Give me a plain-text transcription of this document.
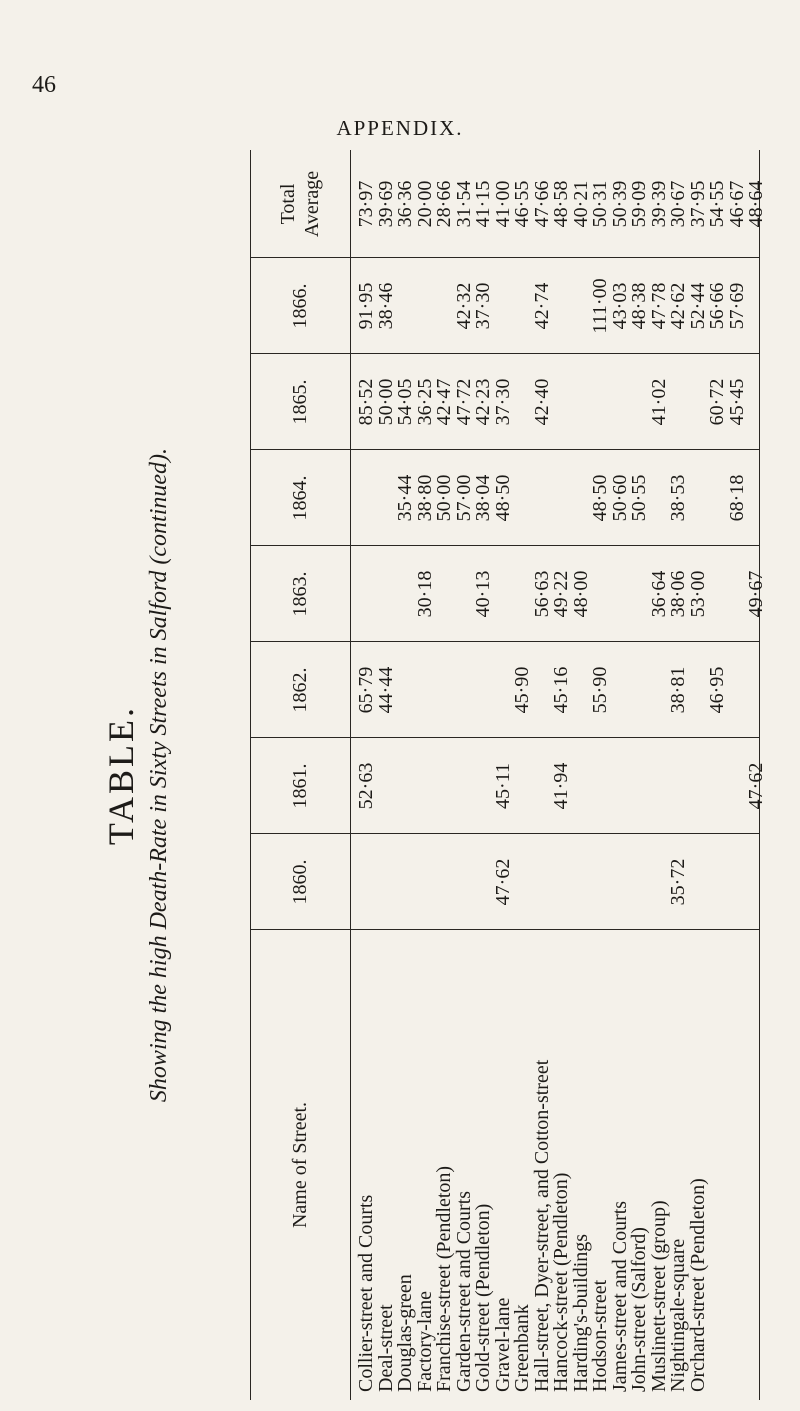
46
APPENDIX.
TABLE. Showing the high Death-Rate in Sixty Streets in Salford (continued).
Name of Street.
1860.
1861.
1862.
1863.
1864.
1865.
1866.
Total Average
Collier-street and Courts
52·63
65·79
85·52
91·95
73·97
Deal-street
44·44
50·00
38·46
39·69
Douglas-green
35·44
54·05
36·36
Factory-lane
30·18
38·80
36·25
20·00
Franchise-street (Pendleton)
50·00
42·47
28·66
Garden-street and Courts
57·00
47·72
42·32
31·54
Gold-street (Pendleton)
40·13
38·04
42·23
37·30
41·15
Gravel-lane
47·62
45·11
48·50
37·30
41·00
Greenbank
45·90
46·55
Hall-street, Dyer-street, and Cotton-street
56·63
42·40
42·74
47·66
Hancock-street (Pendleton)
41·94
45·16
49·22
48·58
Harding's-buildings
48·00
40·21
Hodson-street
55·90
48·50
111·00
50·31
James-street and Courts
50·60
43·03
50·39
John-street (Salford)
50·55
48·38
59·09
Muslinett-street (group)
36·64
41·02
47·78
39·39
Nightingale-square
35·72
38·81
38·06
38·53
42·62
30·67
Orchard-street (Pendleton)
53·00
52·44
37·95
46·95
60·72
56·66
54·55
68·18
45·45
57·69
46·67
47·62
49·67
48·64
